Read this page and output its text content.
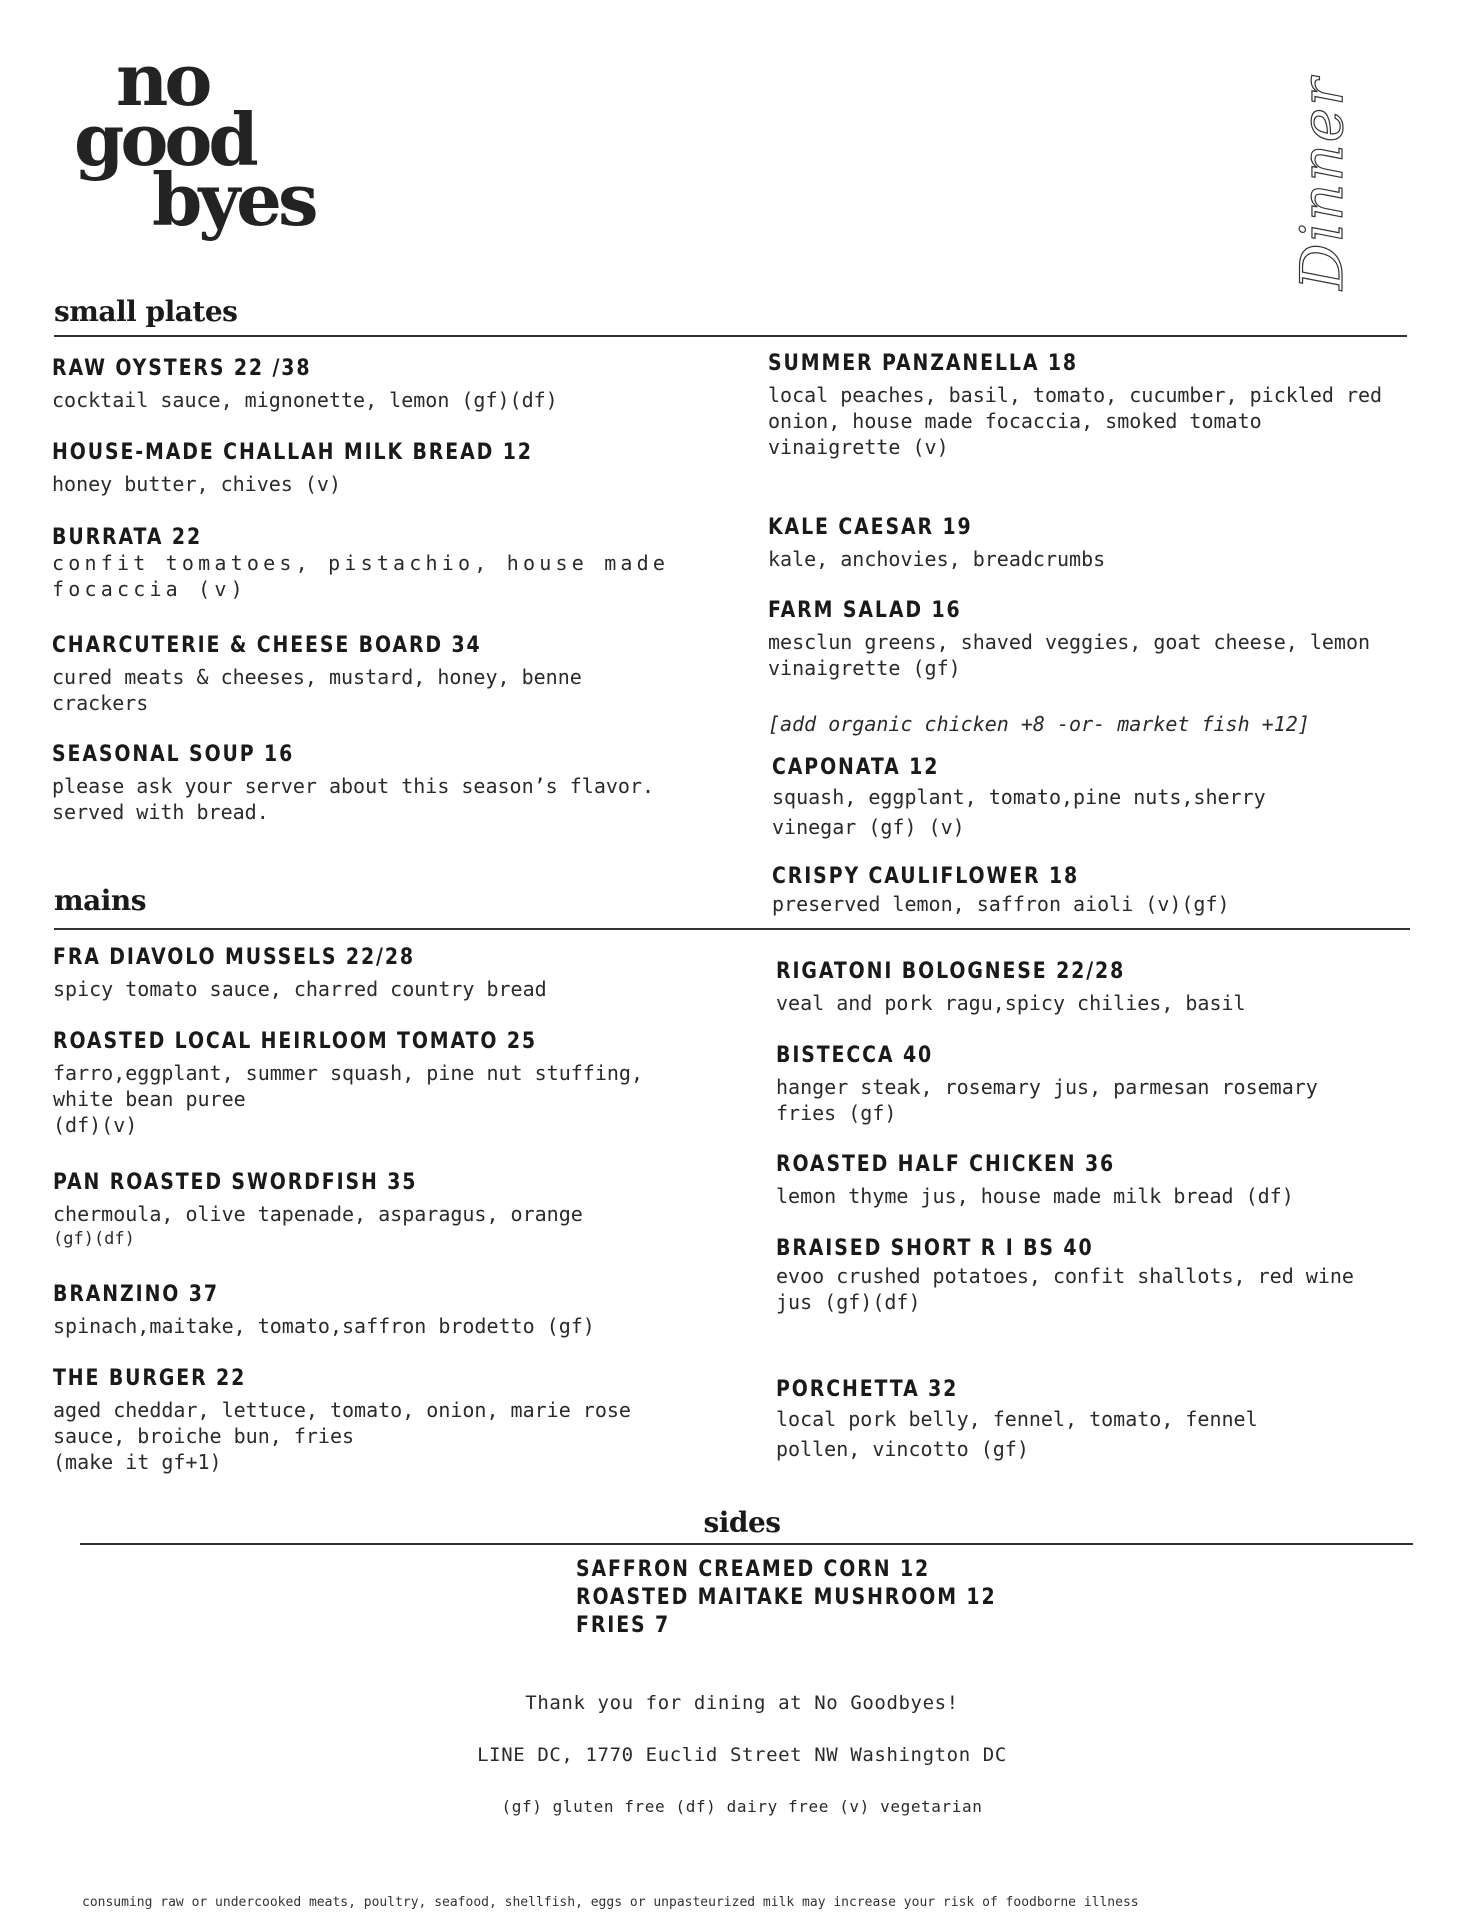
no
good
byes	Dinner
small plates
RAW OYSTERS 22 /38
cocktail sauce, mignonette, lemon (gf)(df)
HOUSE-MADE CHALLAH MILK BREAD 12
honey butter, chives (v)
BURRATA 22
confit tomatoes, pistachio, house made
focaccia (v)
CHARCUTERIE & CHEESE BOARD 34
cured meats & cheeses, mustard, honey, benne
crackers
SEASONAL SOUP 16
please ask your server about this season’s flavor.
served with bread.
SUMMER PANZANELLA 18
local peaches, basil, tomato, cucumber, pickled red
onion, house made focaccia, smoked tomato
vinaigrette (v)
KALE CAESAR 19
kale, anchovies, breadcrumbs
FARM SALAD 16
mesclun greens, shaved veggies, goat cheese, lemon
vinaigrette (gf)
[add organic chicken +8 -or- market fish +12]
CAPONATA 12
squash, eggplant, tomato,pine nuts,sherry
vinegar (gf) (v)
CRISPY CAULIFLOWER 18
preserved lemon, saffron aioli (v)(gf)
mains
FRA DIAVOLO MUSSELS 22/28
spicy tomato sauce, charred country bread
ROASTED LOCAL HEIRLOOM TOMATO 25
farro,eggplant, summer squash, pine nut stuffing,
white bean puree
(df)(v)
PAN ROASTED SWORDFISH 35
chermoula, olive tapenade, asparagus, orange
(gf)(df)
BRANZINO 37
spinach,maitake, tomato,saffron brodetto (gf)
THE BURGER 22
aged cheddar, lettuce, tomato, onion, marie rose
sauce, broiche bun, fries
(make it gf+1)
RIGATONI BOLOGNESE 22/28
veal and pork ragu,spicy chilies, basil
BISTECCA 40
hanger steak, rosemary jus, parmesan rosemary
fries (gf)
ROASTED HALF CHICKEN 36
lemon thyme jus, house made milk bread (df)
BRAISED SHORT R I BS 40
evoo crushed potatoes, confit shallots, red wine
jus (gf)(df)
PORCHETTA 32
local pork belly, fennel, tomato, fennel
pollen, vincotto (gf)
sides
SAFFRON CREAMED CORN 12
ROASTED MAITAKE MUSHROOM 12
FRIES 7
Thank you for dining at No Goodbyes!
LINE DC, 1770 Euclid Street NW Washington DC
(gf) gluten free (df) dairy free (v) vegetarian
consuming raw or undercooked meats, poultry, seafood, shellfish, eggs or unpasteurized milk may increase your risk of foodborne illness
